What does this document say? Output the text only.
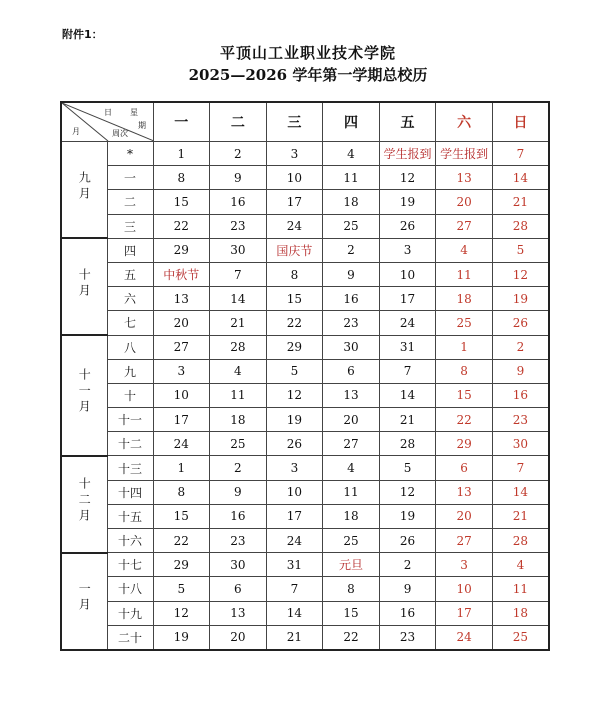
附件1：
平顶山工业职业技术学院
2025—2026 学年第一学期总校历
日 星
期
月 周次		一	二	三	四	五	六	日
九月	*	1	2	3	4	学生报到	学生报到	7
	一	8	9	10	11	12	13	14
	二	15	16	17	18	19	20	21
	三	22	23	24	25	26	27	28
十月	四	29	30	国庆节	2	3	4	5
	五	中秋节	7	8	9	10	11	12
	六	13	14	15	16	17	18	19
	七	20	21	22	23	24	25	26
十一月	八	27	28	29	30	31	1	2
	九	3	4	5	6	7	8	9
	十	10	11	12	13	14	15	16
	十一	17	18	19	20	21	22	23
	十二	24	25	26	27	28	29	30
十二月	十三	1	2	3	4	5	6	7
	十四	8	9	10	11	12	13	14
	十五	15	16	17	18	19	20	21
	十六	22	23	24	25	26	27	28
一月	十七	29	30	31	元旦	2	3	4
	十八	5	6	7	8	9	10	11
	十九	12	13	14	15	16	17	18
	二十	19	20	21	22	23	24	25
